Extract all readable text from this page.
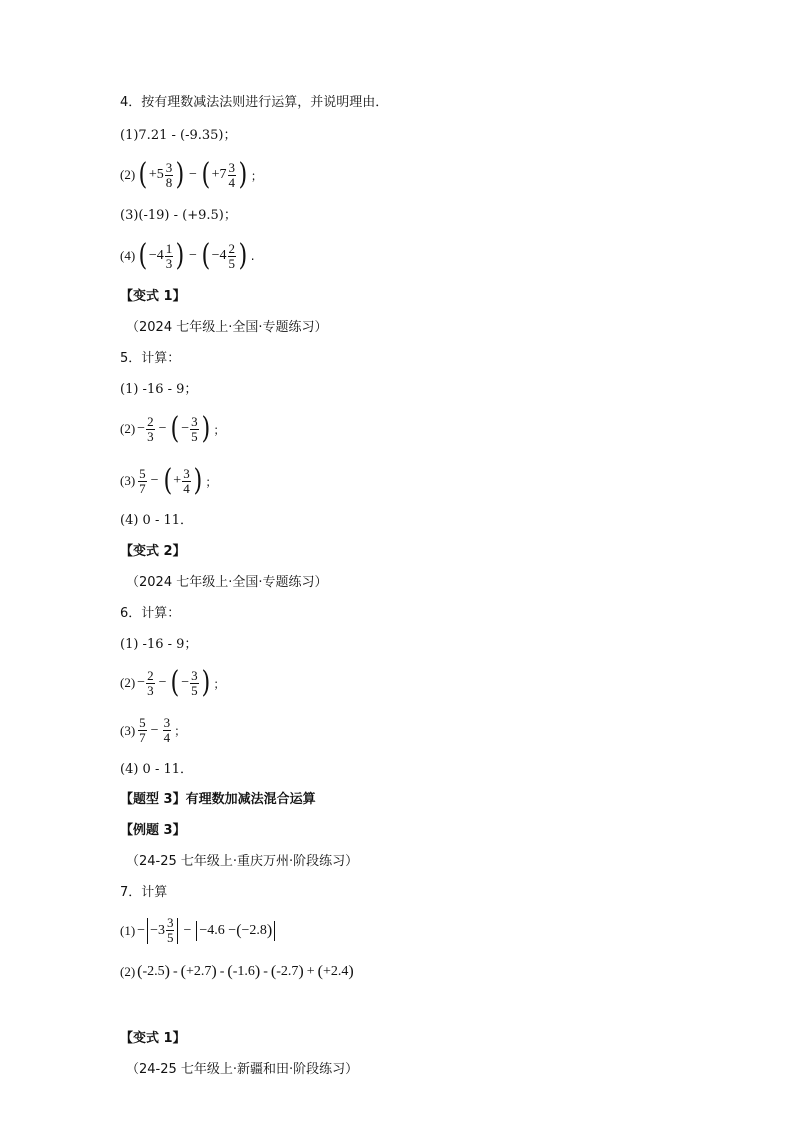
4．按有理数减法法则进行运算，并说明理由．
(1)7.21 - (-9.35)；
(2) ( $+5 \frac{3}{8}$ ) − ( $+7 \frac{3}{4}$ ) ；
(3)(-19) - (+9.5)；
(4) ( $-4 \frac{1}{3}$ ) − ( $-4 \frac{2}{5}$ ) .
【变式 1】
（2024 七年级上·全国·专题练习）
5．计算：
(1) -16 - 9；
$(2) - \frac{2}{3}$ − ( − $\frac{3}{5}$ ) ；
$(3) \frac{5}{7}$ − ( + $\frac{3}{4}$ ) ；
(4) 0 - 11．
【变式 2】
（2024 七年级上·全国·专题练习）
6．计算：
(1) -16 - 9；
$(2) - \frac{2}{3}$ − ( − $\frac{3}{5}$ ) ；
$(3) \frac{5}{7} - \frac{3}{4}$ ；
(4) 0 - 11．
【题型 3】有理数加减法混合运算
【例题 3】
（24-25 七年级上·重庆万州·阶段练习）
7．计算
$(1) - -3 \frac{3}{5} - -4.6$ − ( −2.8 )
(2) ( -2.5 ) - ( +2.7 ) - ( -1.6 ) - ( -2.7 ) + ( +2.4 )
【变式 1】
（24-25 七年级上·新疆和田·阶段练习）
